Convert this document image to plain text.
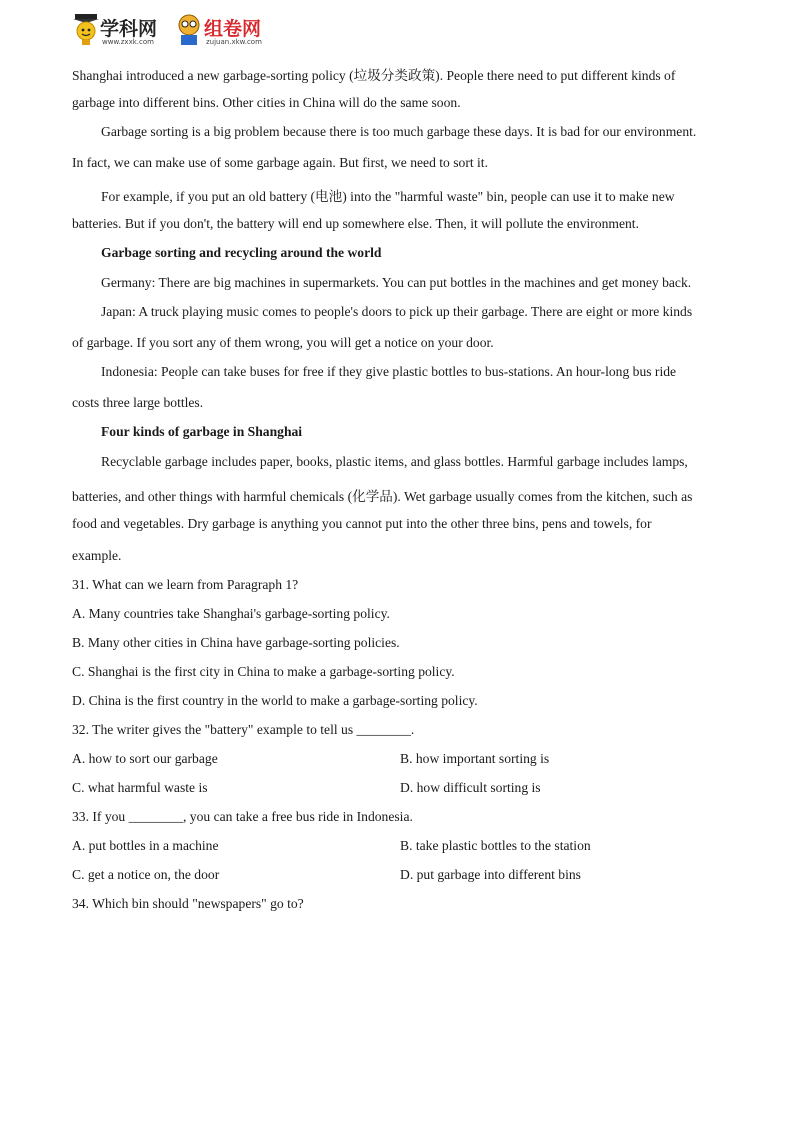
学科网
www.zxxk.com
组卷网
zujuan.xkw.com
Shanghai introduced a new garbage-sorting policy (垃圾分类政策). People there need to put different kinds of
garbage into different bins. Other cities in China will do the same soon.
Garbage sorting is a big problem because there is too much garbage these days. It is bad for our environment.
In fact, we can make use of some garbage again. But first, we need to sort it.
For example, if you put an old battery (电池) into the "harmful waste" bin, people can use it to make new
batteries. But if you don't, the battery will end up somewhere else. Then, it will pollute the environment.
Garbage sorting and recycling around the world
Germany: There are big machines in supermarkets. You can put bottles in the machines and get money back.
Japan: A truck playing music comes to people's doors to pick up their garbage. There are eight or more kinds
of garbage. If you sort any of them wrong, you will get a notice on your door.
Indonesia: People can take buses for free if they give plastic bottles to bus-stations. An hour-long bus ride
costs three large bottles.
Four kinds of garbage in Shanghai
Recyclable garbage includes paper, books, plastic items, and glass bottles. Harmful garbage includes lamps,
batteries, and other things with harmful chemicals (化学品). Wet garbage usually comes from the kitchen, such as
food and vegetables. Dry garbage is anything you cannot put into the other three bins, pens and towels, for
example.
31. What can we learn from Paragraph 1?
A. Many countries take Shanghai's garbage-sorting policy.
B. Many other cities in China have garbage-sorting policies.
C. Shanghai is the first city in China to make a garbage-sorting policy.
D. China is the first country in the world to make a garbage-sorting policy.
32. The writer gives the "battery" example to tell us ________.
A. how to sort our garbage	B. how important sorting is
C. what harmful waste is	D. how difficult sorting is
33. If you ________, you can take a free bus ride in Indonesia.
A. put bottles in a machine	B. take plastic bottles to the station
C. get a notice on, the door	D. put garbage into different bins
34. Which bin should "newspapers" go to?
